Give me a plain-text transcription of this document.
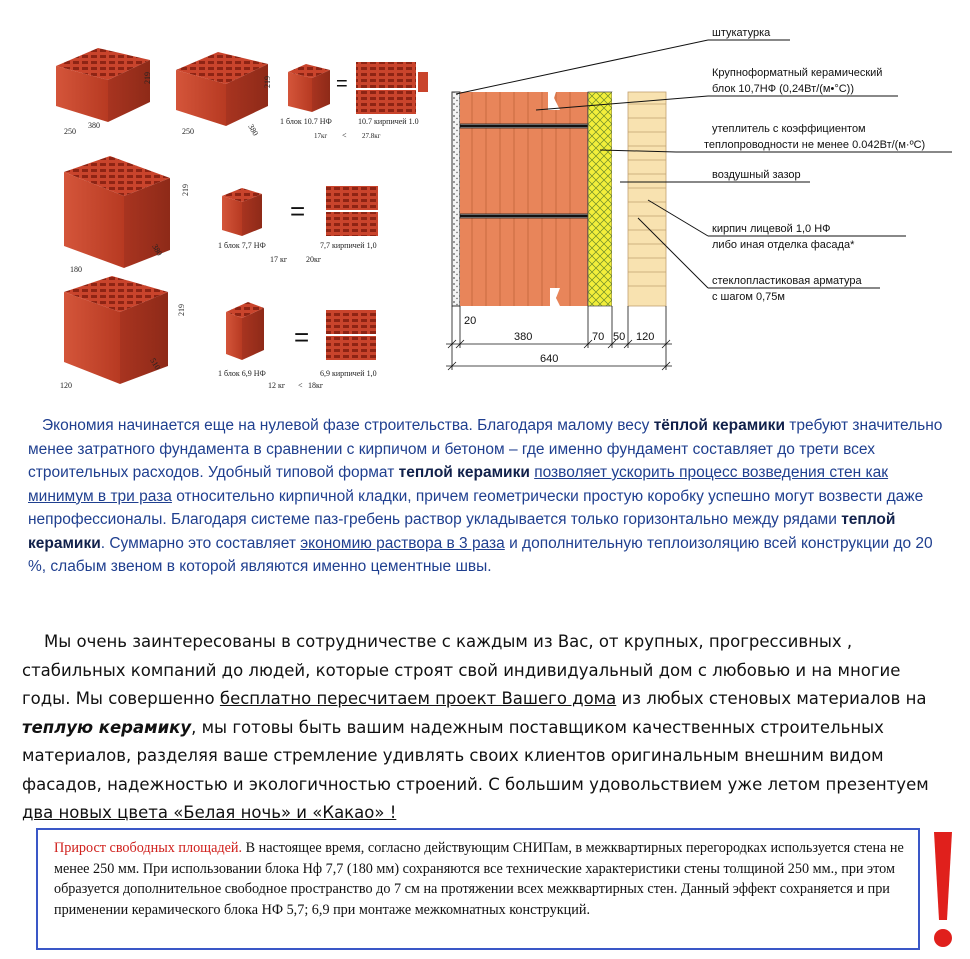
219
380
250
219
380
250
=
1 блок 10.7 НФ	10.7 кирпичей 1.0
17кг < 27.8кг
219
380
180
=
1 блок 7,7 НФ	7,7 кирпичей 1,0
17 кг 20кг
219
510
120
=
1 блок 6,9 НФ	6,9 кирпичей 1,0
12 кг < 18кг
штукатурка
Крупноформатный керамический
блок 10,7НФ (0,24Вт/(м•°С))
утеплитель с коэффициентом
теплопроводности не менее 0.042Вт/(м·ºС)
воздушный зазор
кирпич лицевой 1,0 НФ
либо иная отделка фасада*
стеклопластиковая арматура
с шагом 0,75м
20
380	70 50 120
640
Экономия начинается еще на нулевой фазе строительства. Благодаря малому весу тёплой керамики требуют значительно менее затратного фундамента в сравнении с кирпичом и бетоном – где именно фундамент составляет до трети всех строительных расходов. Удобный типовой формат теплой керамики позволяет ускорить процесс возведения стен как минимум в три раза относительно кирпичной кладки, причем геометрически простую коробку успешно могут возвести даже непрофессионалы. Благодаря системе паз-гребень раствор укладывается только горизонтально между рядами теплой керамики. Суммарно это составляет экономию раствора в 3 раза и дополнительную теплоизоляцию всей конструкции до 20 %, слабым звеном в которой являются именно цементные швы.
Мы очень заинтересованы в сотрудничестве с каждым из Вас, от крупных, прогрессивных , стабильных компаний до людей, которые строят свой индивидуальный дом с любовью и на многие годы. Мы совершенно бесплатно пересчитаем проект Вашего дома из любых стеновых материалов на теплую керамику, мы готовы быть вашим надежным поставщиком качественных строительных материалов, разделяя ваше стремление удивлять своих клиентов оригинальным внешним видом фасадов, надежностью и экологичностью строений. С большим удовольствием уже летом презентуем два новых цвета «Белая ночь» и «Какао» !
Прирост свободных площадей. В настоящее время, согласно действующим СНИПам, в межквартирных перегородках используется стена не менее 250 мм. При использовании блока Нф 7,7 (180 мм) сохраняются все технические характеристики стены толщиной 250 мм., при этом образуется дополнительное свободное пространство до 7 см на протяжении всех межквартирных стен. Данный эффект сохраняется и при применении керамического блока НФ 5,7; 6,9 при монтаже межкомнатных конструкций.
